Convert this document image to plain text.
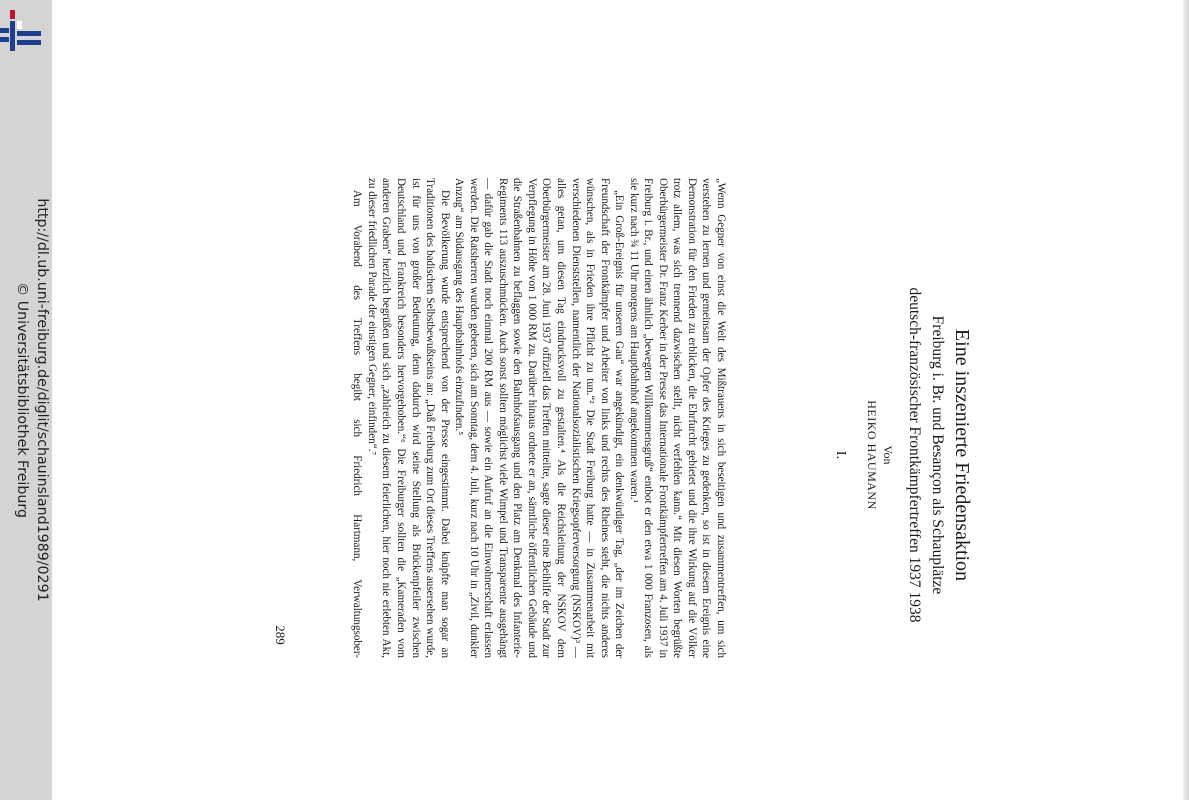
http://dl.ub.uni-freiburg.de/diglit/schauinsland1989/0291
© Universitätsbibliothek Freiburg	Eine inszenierte Friedensaktion
Freiburg i. Br. und Besançon als Schauplätze
deutsch-französischer Frontkämpfertreffen 1937 1938
Von
HEIKO HAUMANN
I.
289	„Wenn Gegner von einst die Welt des Mißtrauens in sich beseitigen und zusammentreffen, um sich verstehen zu lernen und gemeinsam der Opfer des Krieges zu gedenken, so ist in diesem Ereignis eine Demonstration für den Frieden zu erblicken, die Ehrfurcht gebietet und die ihre Wirkung auf die Völker trotz allem, was sich trennend dazwischen stellt, nicht verfehlen kann.“ Mit diesen Worten begrüßte Oberbürgermeister Dr. Franz Kerber in der Presse das Internationale Frontkämpfertreffen am 4. Juli 1937 in Freiburg i. Br., und einen ähnlich „bewegten Willkommensgruß“ entbot er den etwa 1 000 Franzosen, als sie kurz nach ¾ 11 Uhr morgens am Hauptbahnhof angekommen waren.¹

„Ein Groß-Ereignis für unseren Gau“ war angekündigt, ein denkwürdiger Tag, „der im Zeichen der Freundschaft der Frontkämpfer und Arbeiter von links und rechts des Rheines steht, die nichts anderes wünschen, als in Frieden ihre Pflicht zu tun.“² Die Stadt Freiburg hatte — in Zusammenarbeit mit verschiedenen Dienststellen, namentlich der Nationalsozialistischen Kriegsopferversorgung (NSKOV)³ — alles getan, um diesen Tag eindrucksvoll zu gestalten.⁴ Als die Reichsleitung der NSKOV dem Oberbürgermeister am 28. Juni 1937 offiziell das Treffen mitteilte, sagte dieser eine Beihilfe der Stadt zur Verpflegung in Höhe von 1 000 RM zu. Darüber hinaus ordnete er an, sämtliche öffentlichen Gebäude und die Straßenbahnen zu beflaggen sowie den Bahnhofsausgang und den Platz am Denkmal des Infanterie-Regiments 113 auszuschmücken. Auch sonst sollten möglichst viele Wimpel und Transparente ausgehängt — dafür gab die Stadt noch einmal 200 RM aus — sowie ein Aufruf an die Einwohnerschaft erlassen werden. Die Ratsherren wurden gebeten, sich am Sonntag, dem 4. Juli, kurz nach 10 Uhr in „Zivil, dunkler Anzug“ am Südausgang des Hauptbahnhofs einzufinden.⁵

Die Bevölkerung wurde entsprechend von der Presse eingestimmt. Dabei knüpfte man sogar an Traditionen des badischen Selbstbewußtseins an: „Daß Freiburg zum Ort dieses Treffens ausersehen wurde, ist für uns von großer Bedeutung, denn dadurch wird seine Stellung als Brückenpfeiler zwischen Deutschland und Frankreich besonders hervorgehoben.“⁶ Die Freiburger sollten die „Kameraden vom anderen Graben“ herzlich begrüßen und sich „zahlreich zu diesem feierlichen, hier noch nie erlebten Akt, zu dieser friedlichen Parade der einstigen Gegner, einfinden“.⁷

Am Vorabend des Treffens begibt sich Friedrich Hartmann, Verwaltungsober-
